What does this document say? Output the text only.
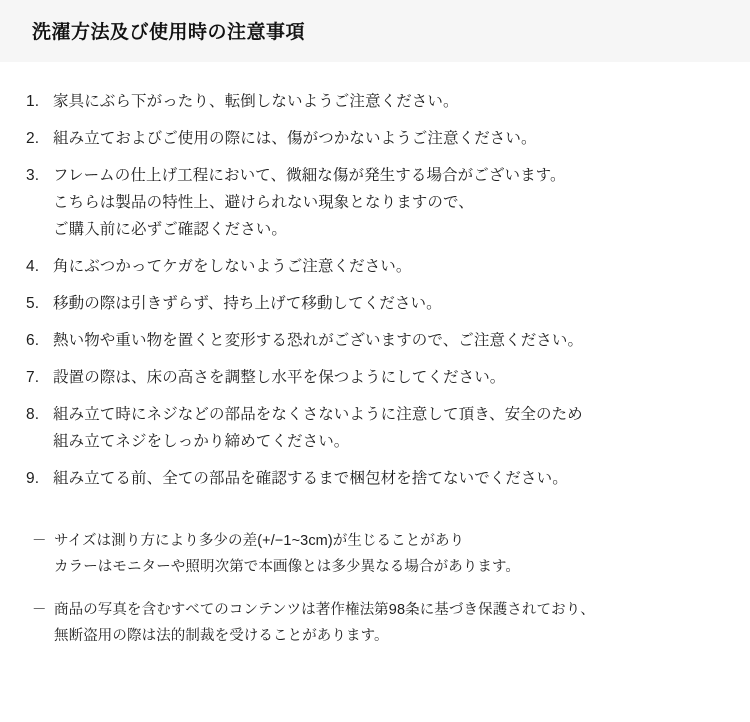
洗濯方法及び使用時の注意事項
1. 家具にぶら下がったり、転倒しないようご注意ください。
2. 組み立ておよびご使用の際には、傷がつかないようご注意ください。
3. フレームの仕上げ工程において、微細な傷が発生する場合がございます。
こちらは製品の特性上、避けられない現象となりますので、
ご購入前に必ずご確認ください。
4. 角にぶつかってケガをしないようご注意ください。
5. 移動の際は引きずらず、持ち上げて移動してください。
6. 熱い物や重い物を置くと変形する恐れがございますので、ご注意ください。
7. 設置の際は、床の高さを調整し水平を保つようにしてください。
8. 組み立て時にネジなどの部品をなくさないように注意して頂き、安全のため
組み立てネジをしっかり締めてください。
9. 組み立てる前、全ての部品を確認するまで梱包材を捨てないでください。
－ サイズは測り方により多少の差(+/−1~3cm)が生じることがあり
カラーはモニターや照明次第で本画像とは多少異なる場合があります。
－ 商品の写真を含むすべてのコンテンツは著作権法第98条に基づき保護されており、
無断盗用の際は法的制裁を受けることがあります。
